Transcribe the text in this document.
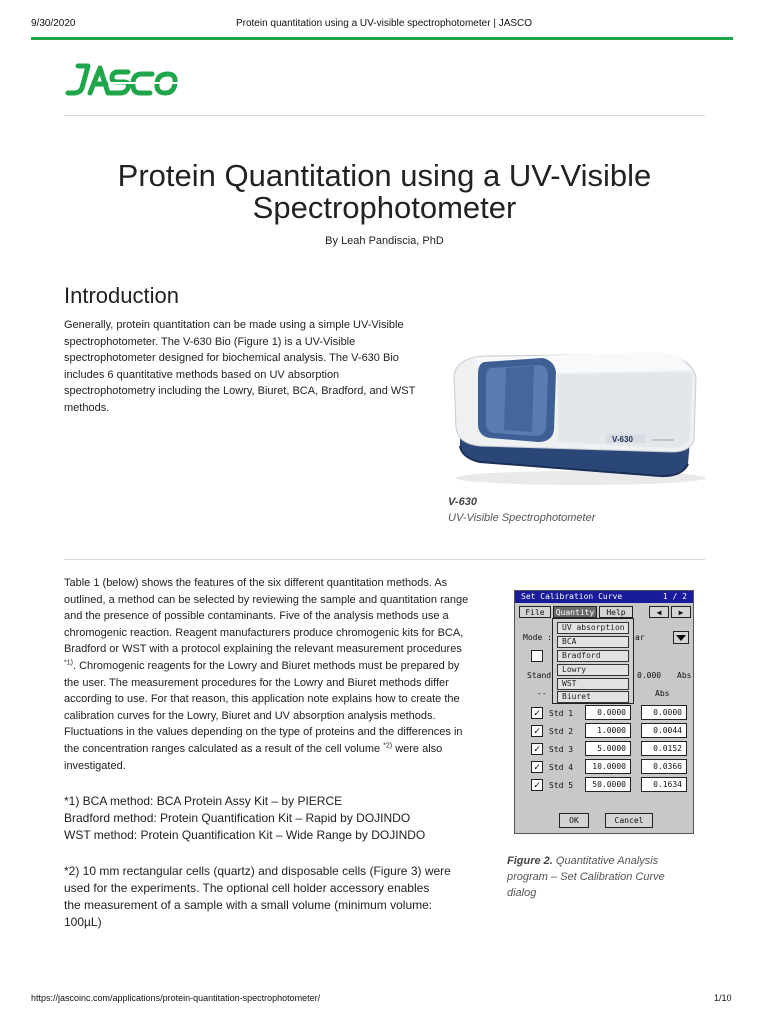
9/30/2020	Protein quantitation using a UV-visible spectrophotometer | JASCO
Protein Quantitation using a UV-Visible
Spectrophotometer
By Leah Pandiscia, PhD
Introduction
Generally, protein quantitation can be made using a simple UV-Visible
spectrophotometer. The V-630 Bio (Figure 1) is a UV-Visible
spectrophotometer designed for biochemical analysis. The V-630 Bio
includes 6 quantitative methods based on UV absorption
spectrophotometry including the Lowry, Biuret, BCA, Bradford, and WST
methods.
V-630
V-630
UV-Visible Spectrophotometer
Table 1 (below) shows the features of the six different quantitation methods. As
outlined, a method can be selected by reviewing the sample and quantitation range
and the presence of possible contaminants. Five of the analysis methods use a
chromogenic reaction. Reagent manufacturers produce chromogenic kits for BCA,
Bradford or WST with a protocol explaining the relevant measurement procedures
$^{*1)}$. Chromogenic reagents for the Lowry and Biuret methods must be prepared by
the user. The measurement procedures for the Lowry and Biuret methods differ
according to use. For that reason, this application note explains how to create the
calibration curves for the Lowry, Biuret and UV absorption analysis methods.
Fluctuations in the values depending on the type of proteins and the differences in
the concentration ranges calculated as a result of the cell volume $^{*2)}$ were also
investigated.
*1) BCA method: BCA Protein Assy Kit – by PIERCE
Bradford method: Protein Quantification Kit – Rapid by DOJINDO
WST method: Protein Quantification Kit – Wide Range by DOJINDO
*2) 10 mm rectangular cells (quartz) and disposable cells (Figure 3) were
used for the experiments. The optional cell holder accessory enables
the measurement of a sample with a small volume (minimum volume:
100µL)
Set Calibration Curve	1 / 2
File	Quantity	Help	◀	▶
Mode :	ar
Stand	0.000 Abs
--	Abs
✓	Std 1	0.0000	0.0000
✓	Std 2	1.0000	0.0044
✓	Std 3	5.0000	0.0152
✓	Std 4	10.0000	0.0366
✓	Std 5	50.0000	0.1634
OK	Cancel
UV absorption
BCA
Bradford
Lowry
WST
Biuret
Figure 2. Quantitative Analysis
program – Set Calibration Curve
dialog
https://jascoinc.com/applications/protein-quantitation-spectrophotometer/	1/10
